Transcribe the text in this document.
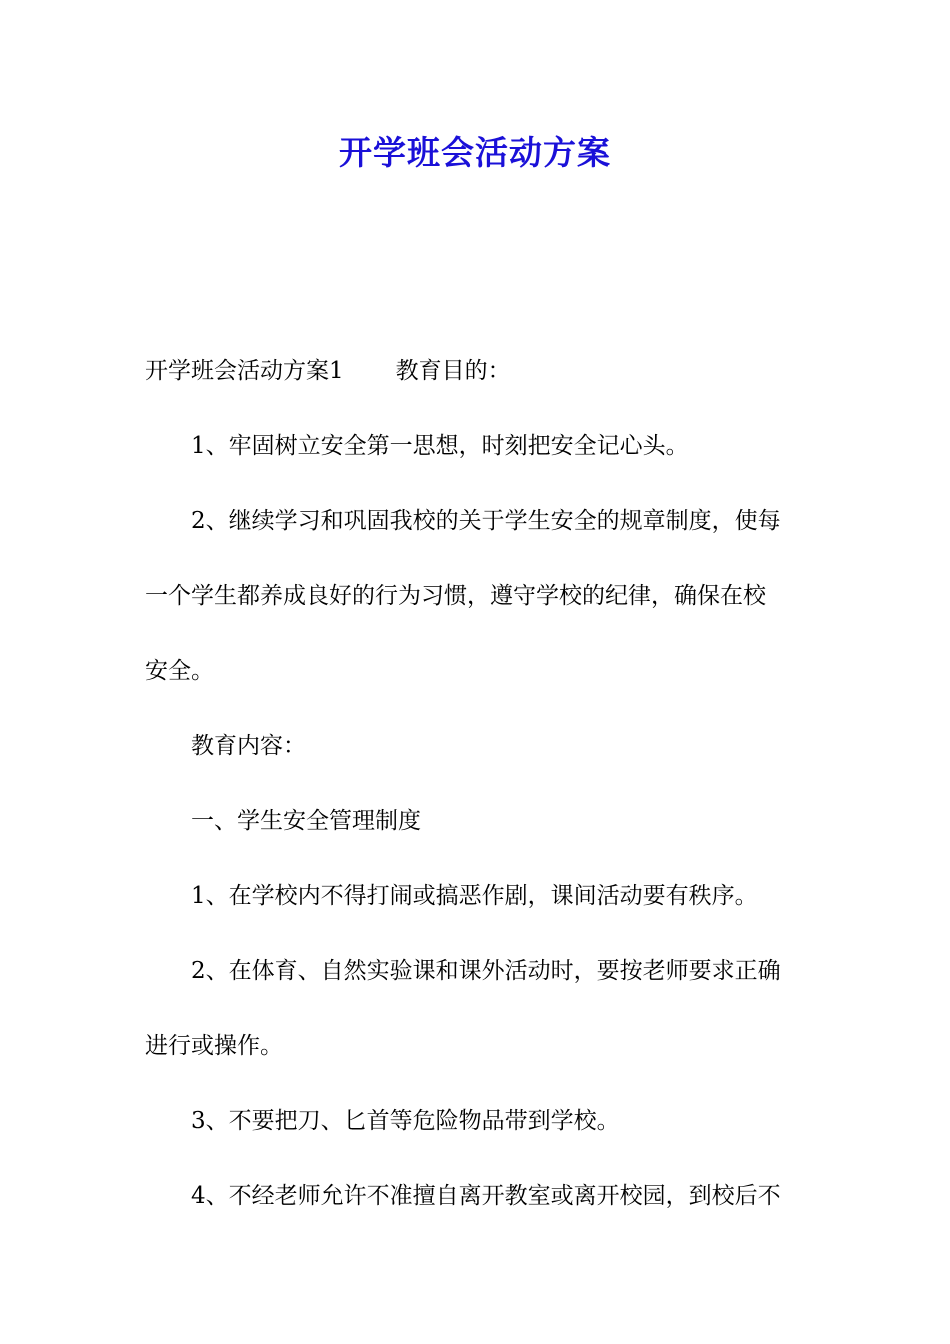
开学班会活动方案
开学班会活动方案1 教育目的：
1、牢固树立安全第一思想，时刻把安全记心头。
2、继续学习和巩固我校的关于学生安全的规章制度，使每
一个学生都养成良好的行为习惯，遵守学校的纪律，确保在校
安全。
教育内容：
一、学生安全管理制度
1、在学校内不得打闹或搞恶作剧，课间活动要有秩序。
2、在体育、自然实验课和课外活动时，要按老师要求正确
进行或操作。
3、不要把刀、匕首等危险物品带到学校。
4、不经老师允许不准擅自离开教室或离开校园，到校后不
